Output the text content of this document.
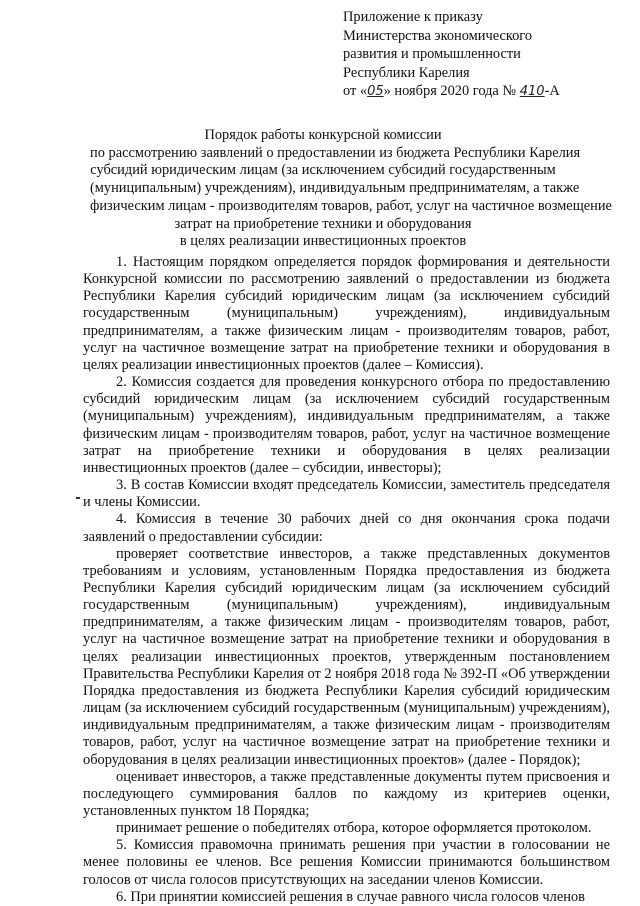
Приложение к приказу
Министерства экономического
развития и промышленности
Республики Карелия
от «05» ноября 2020 года № 410-А
Порядок работы конкурсной комиссии
по рассмотрению заявлений о предоставлении из бюджета Республики Карелия
субсидий юридическим лицам (за исключением субсидий государственным
(муниципальным) учреждениям), индивидуальным предпринимателям, а также
физическим лицам - производителям товаров, работ, услуг на частичное возмещение
затрат на приобретение техники и оборудования
в целях реализации инвестиционных проектов

1. Настоящим порядком определяется порядок формирования и деятельности Конкурсной комиссии по рассмотрению заявлений о предоставлении из бюджета Республики Карелия субсидий юридическим лицам (за исключением субсидий государственным (муниципальным) учреждениям), индивидуальным предпринимателям, а также физическим лицам - производителям товаров, работ, услуг на частичное возмещение затрат на приобретение техники и оборудования в целях реализации инвестиционных проектов (далее – Комиссия).

2. Комиссия создается для проведения конкурсного отбора по предоставлению субсидий юридическим лицам (за исключением субсидий государственным (муниципальным) учреждениям), индивидуальным предпринимателям, а также физическим лицам - производителям товаров, работ, услуг на частичное возмещение затрат на приобретение техники и оборудования в целях реализации инвестиционных проектов (далее – субсидии, инвесторы);

3. В состав Комиссии входят председатель Комиссии, заместитель председателя и члены Комиссии.

4. Комиссия в течение 30 рабочих дней со дня окончания срока подачи заявлений о предоставлении субсидии:

проверяет соответствие инвесторов, а также представленных документов требованиям и условиям, установленным Порядка предоставления из бюджета Республики Карелия субсидий юридическим лицам (за исключением субсидий государственным (муниципальным) учреждениям), индивидуальным предпринимателям, а также физическим лицам - производителям товаров, работ, услуг на частичное возмещение затрат на приобретение техники и оборудования в целях реализации инвестиционных проектов, утвержденным постановлением Правительства Республики Карелия от 2 ноября 2018 года № 392-П «Об утверждении Порядка предоставления из бюджета Республики Карелия субсидий юридическим лицам (за исключением субсидий государственным (муниципальным) учреждениям), индивидуальным предпринимателям, а также физическим лицам - производителям товаров, работ, услуг на частичное возмещение затрат на приобретение техники и оборудования в целях реализации инвестиционных проектов» (далее - Порядок);

оценивает инвесторов, а также представленные документы путем присвоения и последующего суммирования баллов по каждому из критериев оценки, установленных пунктом 18 Порядка;

принимает решение о победителях отбора, которое оформляется протоколом.

5. Комиссия правомочна принимать решения при участии в голосовании не менее половины ее членов. Все решения Комиссии принимаются большинством голосов от числа голосов присутствующих на заседании членов Комиссии.

6. При принятии комиссией решения в случае равного числа голосов членов
